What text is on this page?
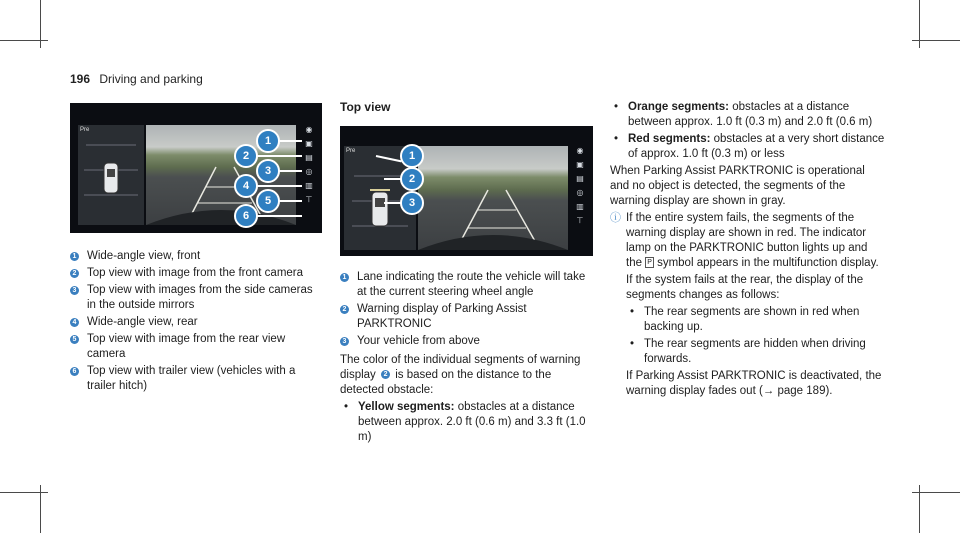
196 Driving and parking
Pre	◉
▣
▤
◎
▥
⊤
1
2
3
4
5
6
1 Wide-angle view, front
2 Top view with image from the front camera
3 Top view with images from the side cameras in the outside mirrors
4 Wide-angle view, rear
5 Top view with image from the rear view camera
6 Top view with trailer view (vehicles with a trailer hitch)
Top view
Pre	◉
▣
▤
◎
▥
⊤
1
2
3
1 Lane indicating the route the vehicle will take at the current steering wheel angle
2 Warning display of Parking Assist PARKTRONIC
3 Your vehicle from above

The color of the individual segments of warning display 2 is based on the distance to the detected obstacle:

• Yellow segments: obstacles at a distance between approx. 2.0 ft (0.6 m) and 3.3 ft (1.0 m)
• Orange segments: obstacles at a distance between approx. 1.0 ft (0.3 m) and 2.0 ft (0.6 m)
• Red segments: obstacles at a very short distance of approx. 1.0 ft (0.3 m) or less

When Parking Assist PARKTRONIC is operational and no object is detected, the segments of the warning display are shown in gray.

ⓘ If the entire system fails, the segments of the warning display are shown in red. The indicator lamp on the PARKTRONIC button lights up and the P symbol appears in the multifunction display.

If the system fails at the rear, the display of the segments changes as follows:

• The rear segments are shown in red when backing up.
• The rear segments are hidden when driving forwards.

If Parking Assist PARKTRONIC is deactivated, the warning display fades out (→ page 189).
